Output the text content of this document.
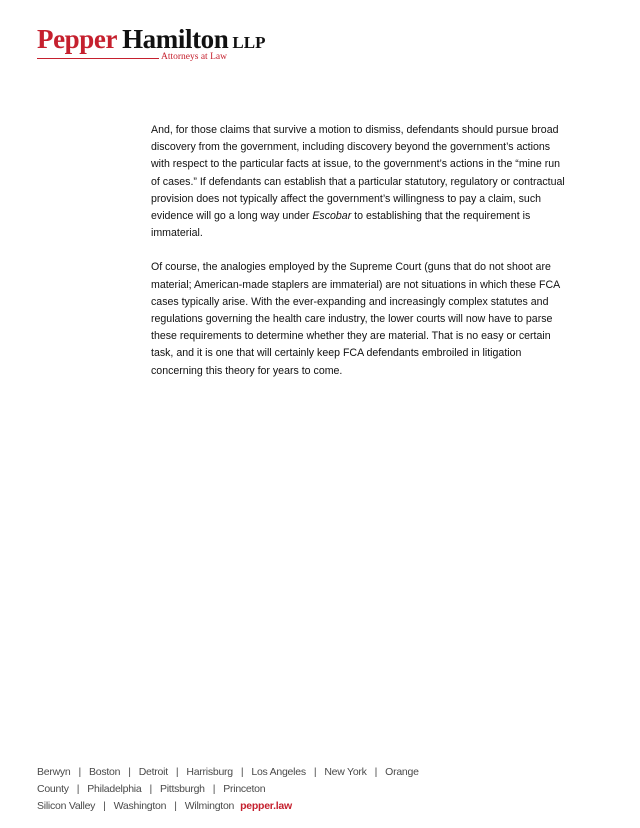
Pepper Hamilton LLP
Attorneys at Law

And, for those claims that survive a motion to dismiss, defendants should pursue broad discovery from the government, including discovery beyond the government’s actions with respect to the particular facts at issue, to the government’s actions in the “mine run of cases.” If defendants can establish that a particular statutory, regulatory or contractual provision does not typically affect the government’s willingness to pay a claim, such evidence will go a long way under Escobar to establishing that the requirement is immaterial.

Of course, the analogies employed by the Supreme Court (guns that do not shoot are material; American-made staplers are immaterial) are not situations in which these FCA cases typically arise. With the ever-expanding and increasingly complex statutes and regulations governing the health care industry, the lower courts will now have to parse these requirements to determine whether they are material. That is no easy or certain task, and it is one that will certainly keep FCA defendants embroiled in litigation concerning this theory for years to come.

Berwyn | Boston | Detroit | Harrisburg | Los Angeles | New York | Orange County | Philadelphia | Pittsburgh | Princeton
Silicon Valley | Washington | Wilmington pepper.law
